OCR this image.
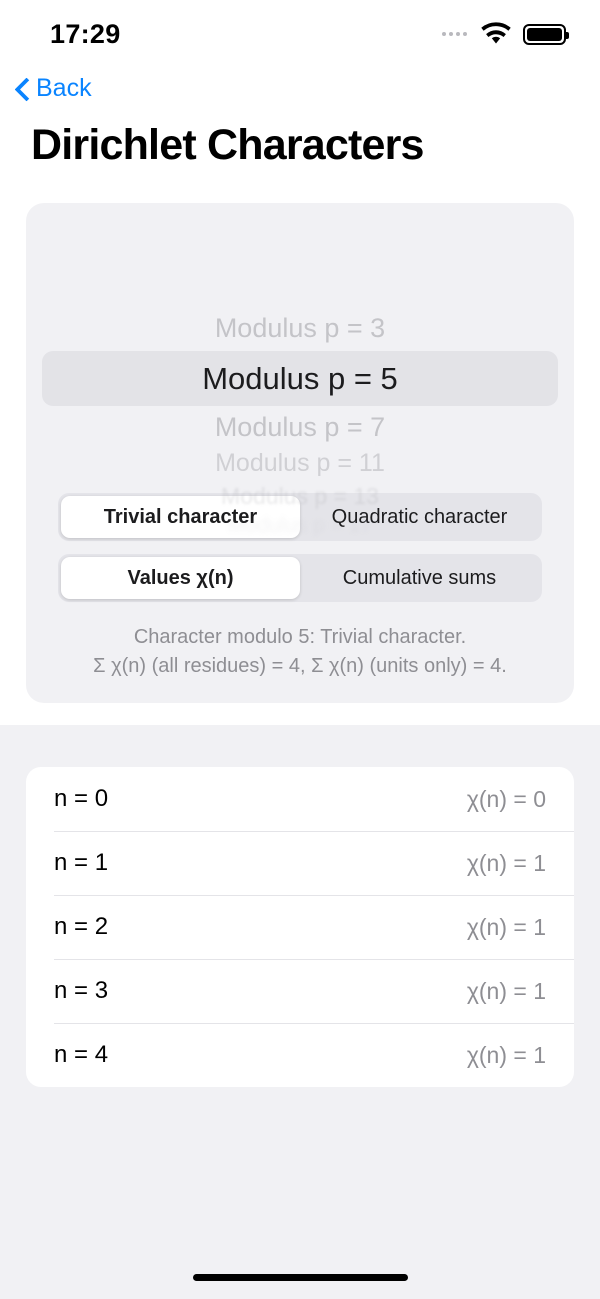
17:29
Back
Dirichlet Characters
Modulus p = 3
Modulus p = 5
Modulus p = 7
Modulus p = 11
Modulus p = 13
Modulus p = 17
Trivial character	Quadratic character
Values χ(n)	Cumulative sums
Character modulo 5: Trivial character.
Σ χ(n) (all residues) = 4, Σ χ(n) (units only) = 4.
n = 0	χ(n) = 0
n = 1	χ(n) = 1
n = 2	χ(n) = 1
n = 3	χ(n) = 1
n = 4	χ(n) = 1
